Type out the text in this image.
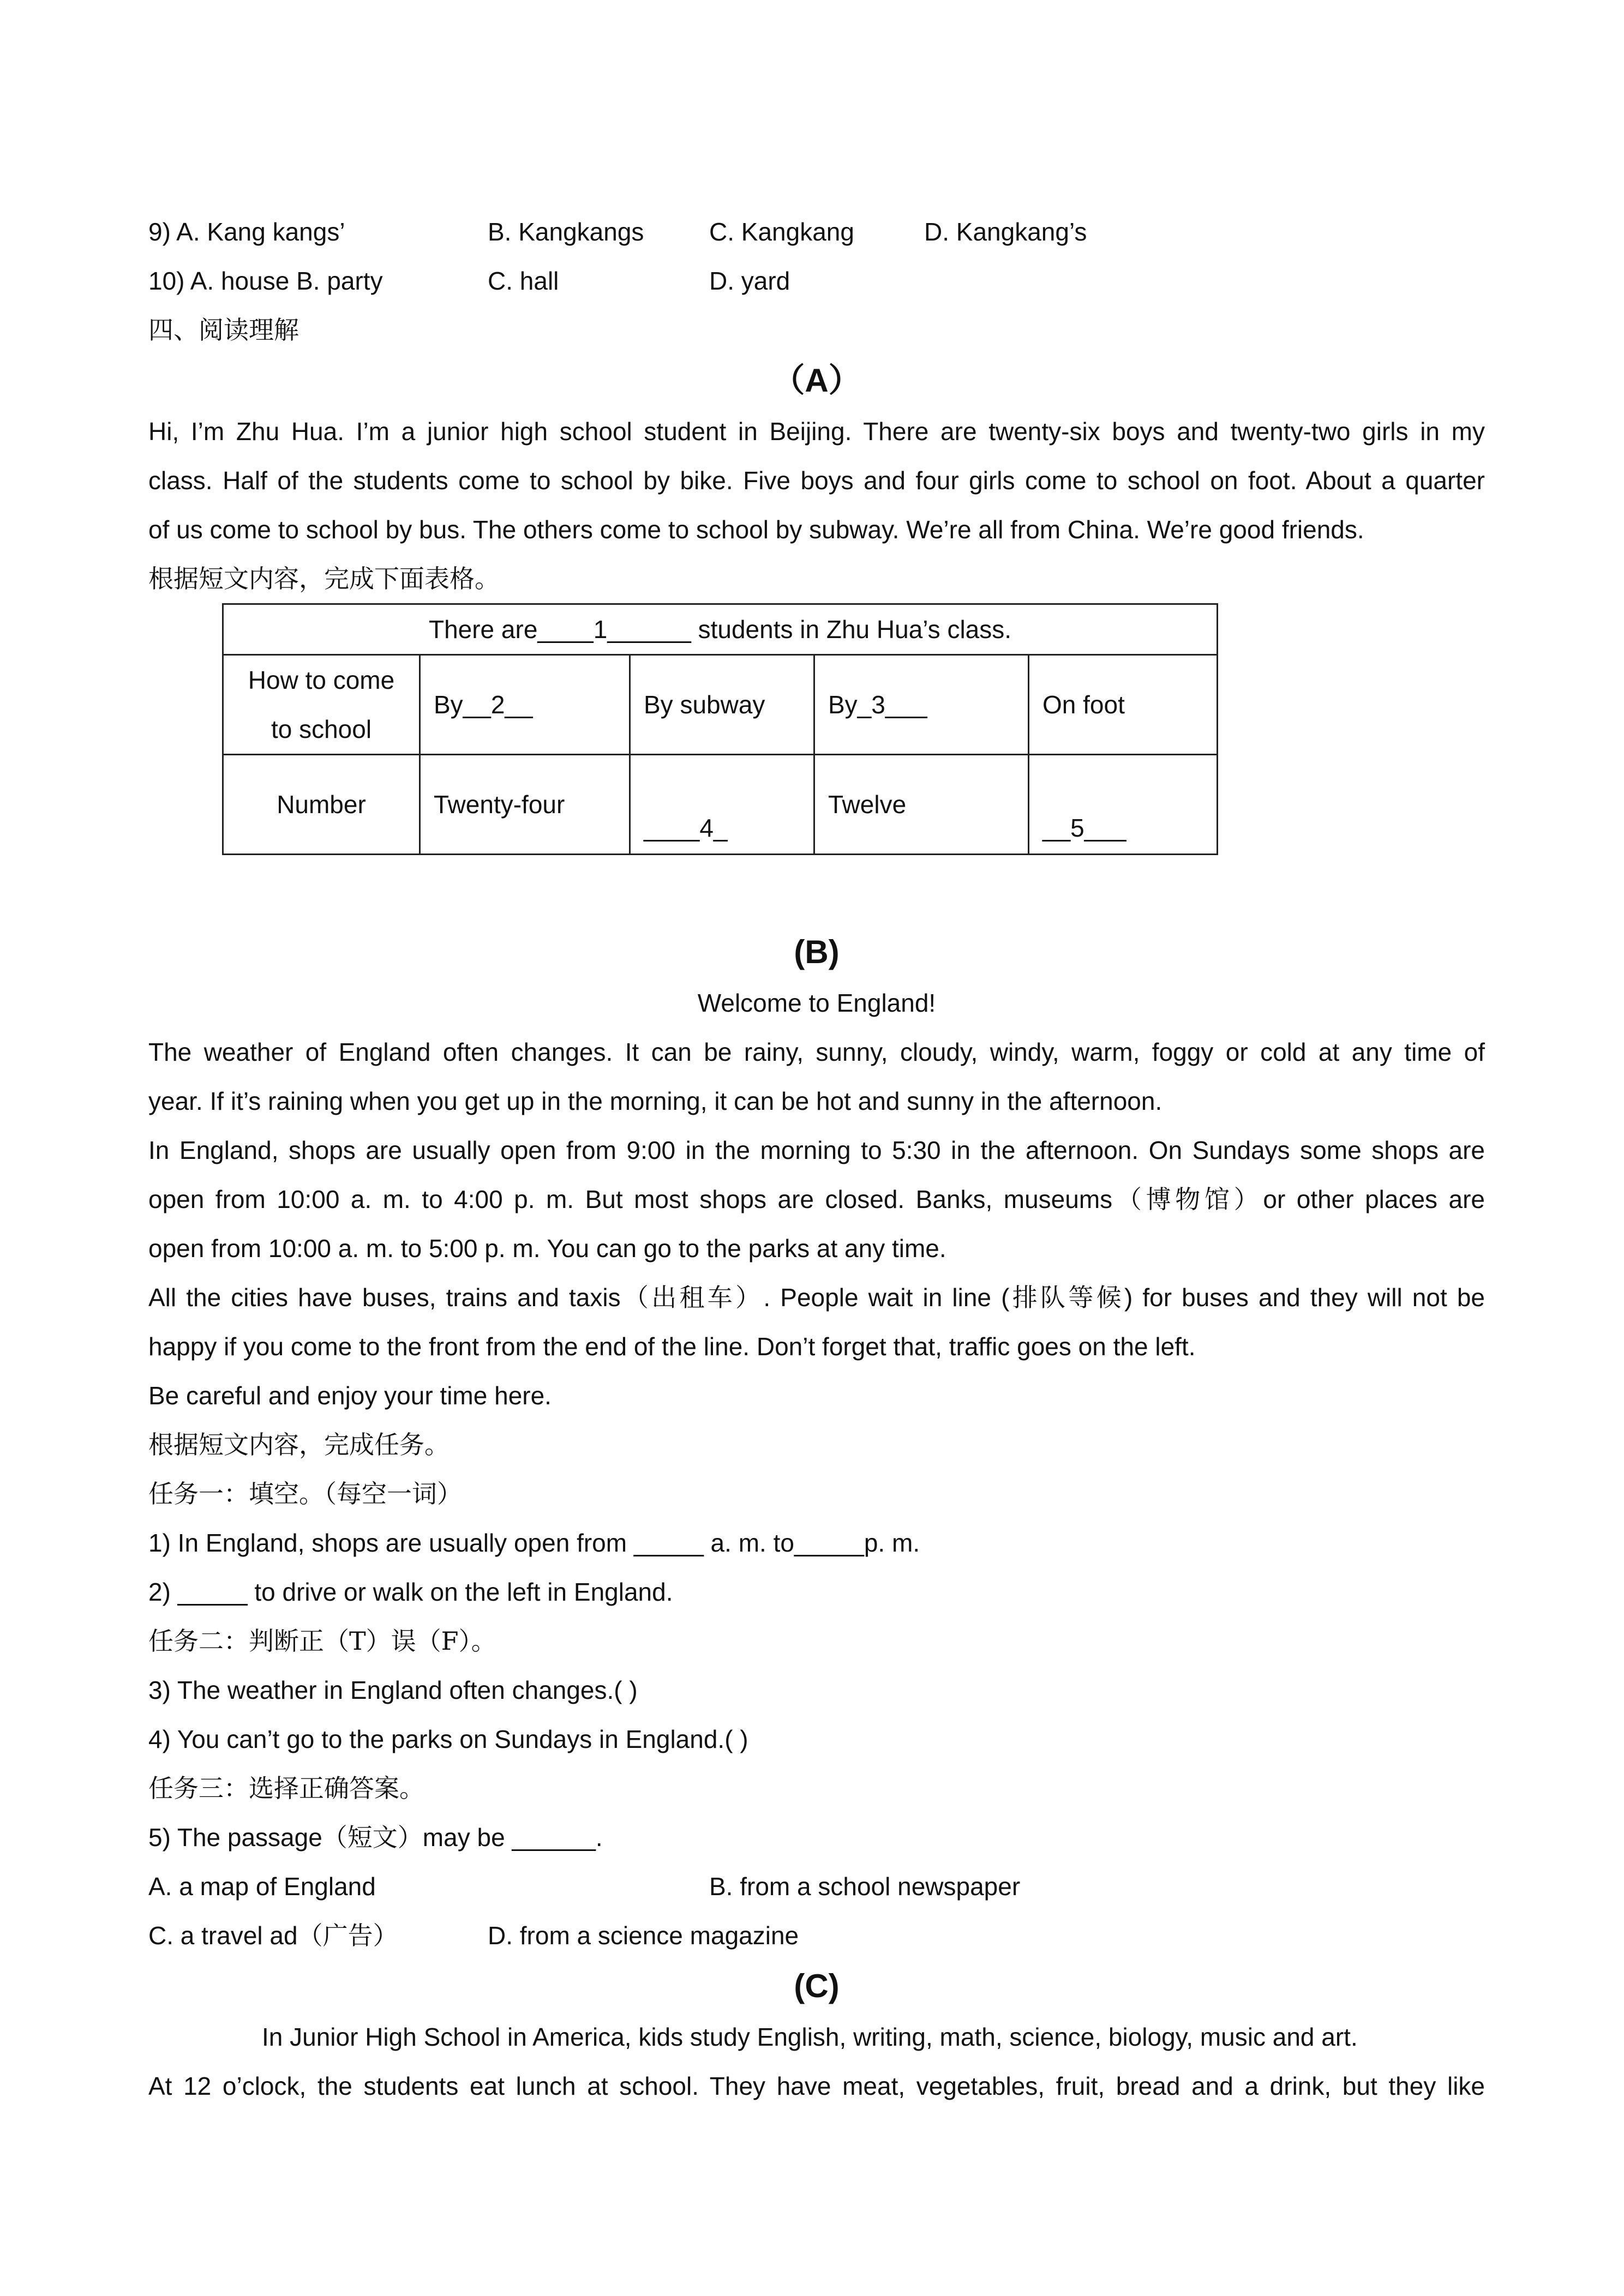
9) A. Kang kangs’	B. Kangkangs	C. Kangkang	D. Kangkang’s
10) A. house B. party	C. hall	D. yard
四、阅读理解
（A）
Hi, I’m Zhu Hua. I’m a junior high school student in Beijing. There are twenty-six boys and twenty-two girls in my
class. Half of the students come to school by bike. Five boys and four girls come to school on foot. About a quarter
of us come to school by bus. The others come to school by subway. We’re all from China. We’re good friends.
根据短文内容，完成下面表格。
There are____1______ students in Zhu Hua’s class.				
How to come to school	By__2__	By subway	By_3___	On foot
Number	Twenty-four	____4_	Twelve	__5___
(B)
Welcome to England!
The weather of England often changes. It can be rainy, sunny, cloudy, windy, warm, foggy or cold at any time of
year. If it’s raining when you get up in the morning, it can be hot and sunny in the afternoon.
In England, shops are usually open from 9:00 in the morning to 5:30 in the afternoon. On Sundays some shops are
open from 10:00 a. m. to 4:00 p. m. But most shops are closed. Banks, museums（博物馆）or other places are
open from 10:00 a. m. to 5:00 p. m. You can go to the parks at any time.
All the cities have buses, trains and taxis（出租车）. People wait in line (排队等候) for buses and they will not be
happy if you come to the front from the end of the line. Don’t forget that, traffic goes on the left.
Be careful and enjoy your time here.
根据短文内容，完成任务。
任务一：填空。（每空一词）
1) In England, shops are usually open from _____ a. m. to_____p. m.
2) _____ to drive or walk on the left in England.
任务二：判断正（T）误（F）。
3) The weather in England often changes.( )
4) You can’t go to the parks on Sundays in England.( )
任务三：选择正确答案。
5) The passage（短文）may be ______.
A. a map of England	B. from a school newspaper
C. a travel ad（广告）	D. from a science magazine
(C)
In Junior High School in America, kids study English, writing, math, science, biology, music and art.
At 12 o’clock, the students eat lunch at school. They have meat, vegetables, fruit, bread and a drink, but they like
